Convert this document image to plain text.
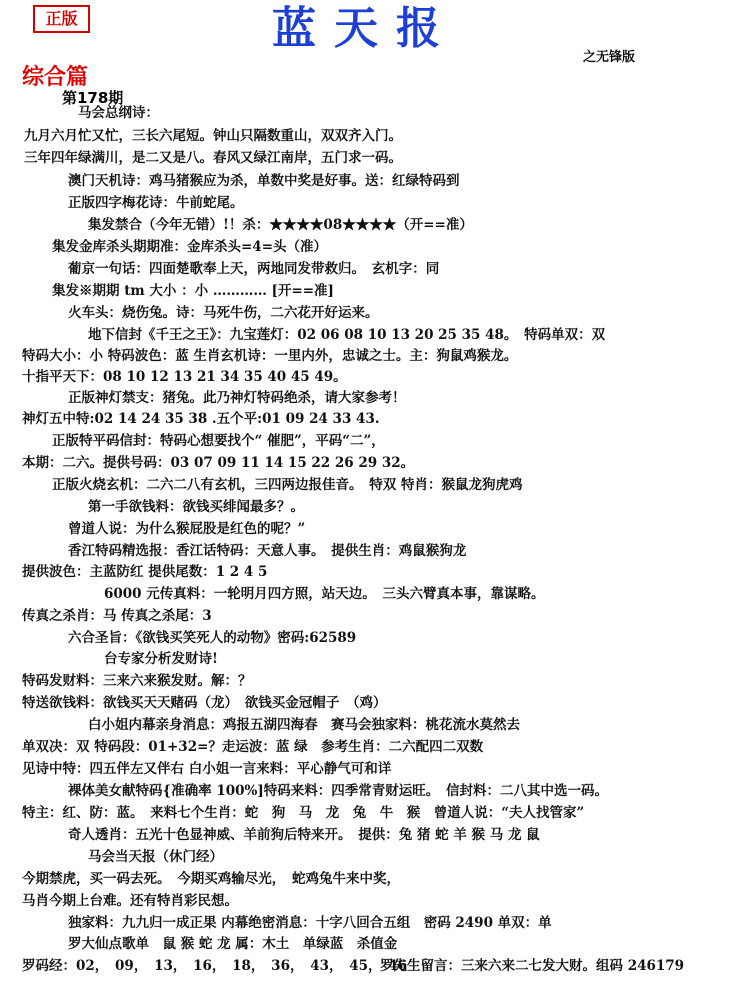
正版	蓝天报
之无锋版
综合篇
第178期
马会总纲诗：
九月六月忙又忙，三长六尾短。钟山只隔数重山，双双齐入门。
三年四年绿满川，是二又是八。春风又绿江南岸，五门求一码。
澳门天机诗：鸡马猪猴应为杀，单数中奖是好事。送：红绿特码到
正版四字梅花诗：牛前蛇尾。
集发禁合（今年无错）!！杀：★★★★08★★★★（开==准）
集发金库杀头期期准：金库杀头=4=头（准）
葡京一句话：四面楚歌奉上天，两地同发带救归。　玄机字：同
集发※期期 tm 大小 ：小 ………… [开==准]
火车头：烧伤兔。诗：马死牛伤，二六花开好运来。
地下信封《千王之王》：九宝莲灯：02 06 08 10 13 20 25 35 48。　特码单双：双
特码大小：小 特码波色：蓝 生肖玄机诗：一里内外，忠诚之士。主：狗鼠鸡猴龙。
十指平天下：08 10 12 13 21 34 35 40 45 49。
正版神灯禁支：猪兔。此乃神灯特码绝杀，请大家参考！
神灯五中特:02 14 24 35 38 .五个平:01 09 24 33 43.
正版特平码信封：特码心想要找个“ 催肥”，平码“二”，
本期：二六。提供号码：03 07 09 11 14 15 22 26 29 32。
正版火烧玄机：二六二八有玄机，三四两边报佳音。　特双 特肖：猴鼠龙狗虎鸡
第一手欲钱料：欲钱买绯闻最多？。
曾道人说：为什么猴屁股是红色的呢？”
香江特码精选报：香江话特码：天意人事。　提供生肖：鸡鼠猴狗龙
提供波色：主蓝防红 提供尾数：1 2 4 5
6000 元传真料：一轮明月四方照，站天边。　三头六臂真本事，靠谋略。
传真之杀肖：马 传真之杀尾：3
六合圣旨：《欲钱买笑死人的动物》密码:62589
台专家分析发财诗!
特码发财料：三来六来猴发财。解：？
特送欲钱料：欲钱买天天赌码（龙）　欲钱买金冠帽子　（鸡）
白小姐内幕亲身消息：鸡报五湖四海春　赛马会独家料：桃花流水莫然去
单双决：双 特码段：01+32=？走运波：蓝 绿　参考生肖：二六配四二双数
见诗中特：四五伴左又伴右 白小姐一言来料：平心静气可和详
裸体美女献特码{准确率 100%]特码来料：四季常青财运旺。　信封料：二八其中选一码。
特主：红、防：蓝。　来料七个生肖：蛇　狗　马　龙　兔　牛　猴　曾道人说：“夫人找管家”
奇人透肖：五光十色显神威、羊前狗后特来开。　提供：兔 猪 蛇 羊 猴 马 龙 鼠
马会当天报（休门经）
今期禁虎，买一码去死。　今期买鸡输尽光，　蛇鸡兔牛来中奖，
马肖今期上台难。还有特肖彩民想。
独家料：九九归一成正果 内幕绝密消息：十字八回合五组　密码 2490 单双：单
罗大仙点歌单　鼠 猴 蛇 龙 属：木土　单绿蓝　杀值金
罗码经：02，　09，　13，　16，　18，　36，　43，　45，　46
罗先生留言：三来六来二七发大财。组码 246179
